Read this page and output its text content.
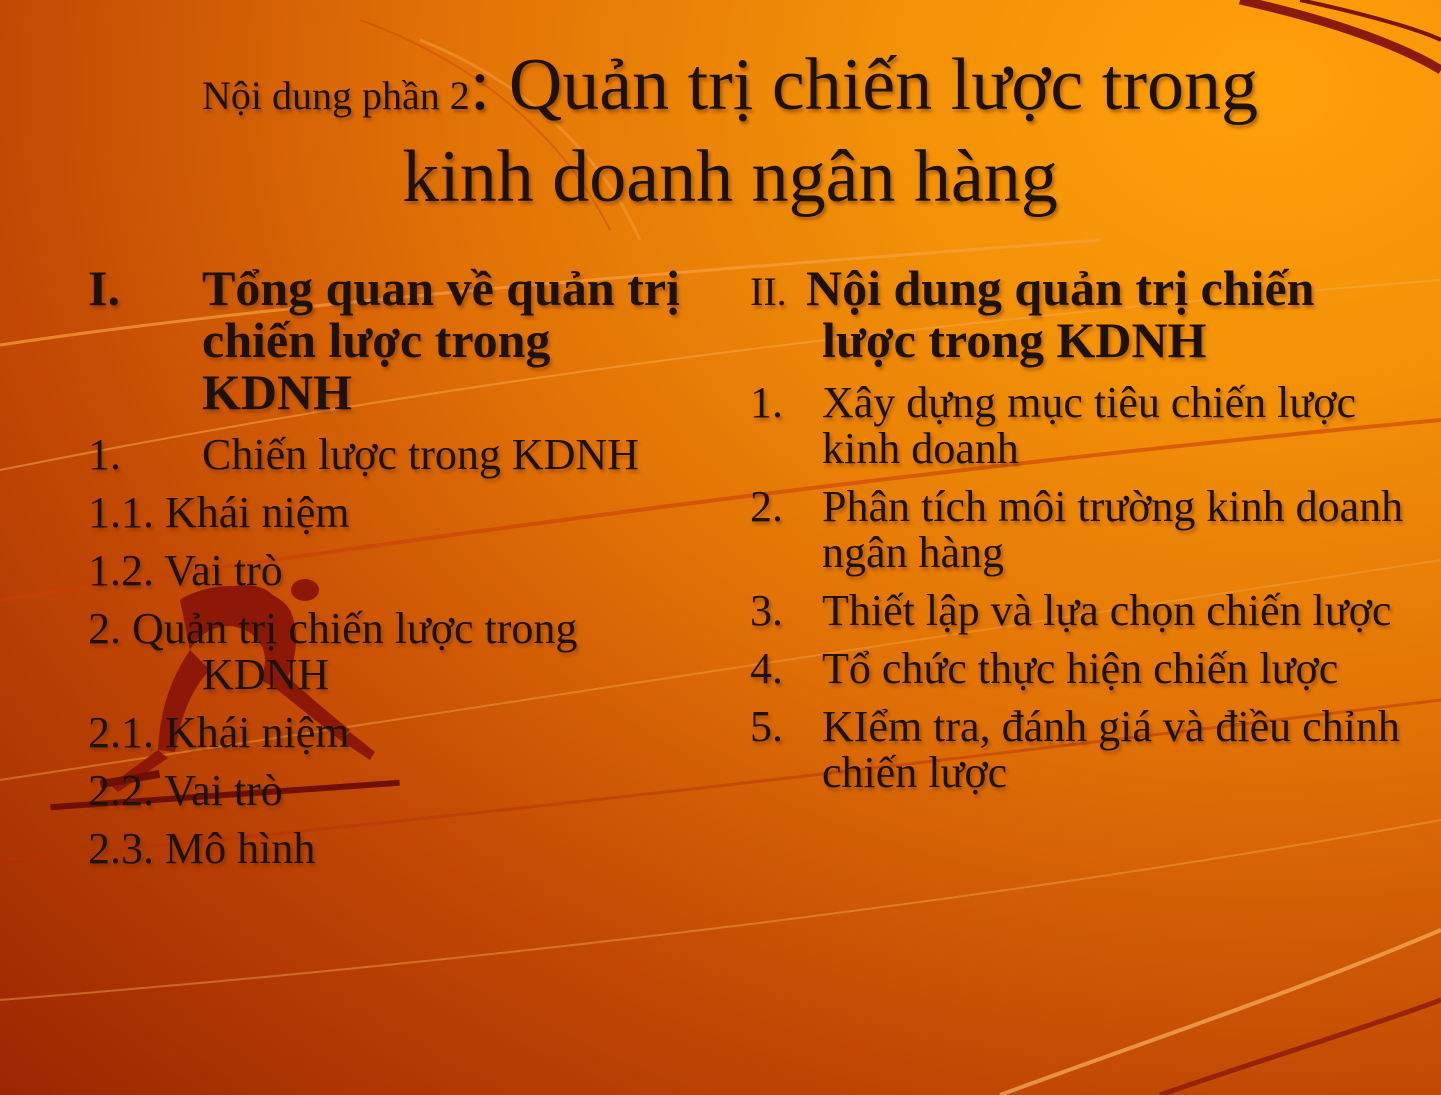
Nội dung phần 2: Quản trị chiến lược trong
kinh doanh ngân hàng
I.	Tổng quan về quản trị chiến lược trong KDNH
1.	Chiến lược trong KDNH
1.1. Khái niệm
1.2. Vai trò
2. Quản trị chiến lược trong
KDNH
2.1. Khái niệm
2.2. Vai trò
2.3. Mô hình
II. Nội dung quản trị chiến lược trong KDNH
1. Xây dựng mục tiêu chiến lược kinh doanh
2. Phân tích môi trường kinh doanh ngân hàng
3. Thiết lập và lựa chọn chiến lược
4. Tổ chức thực hiện chiến lược
5. KIểm tra, đánh giá và điều chỉnh chiến lược
